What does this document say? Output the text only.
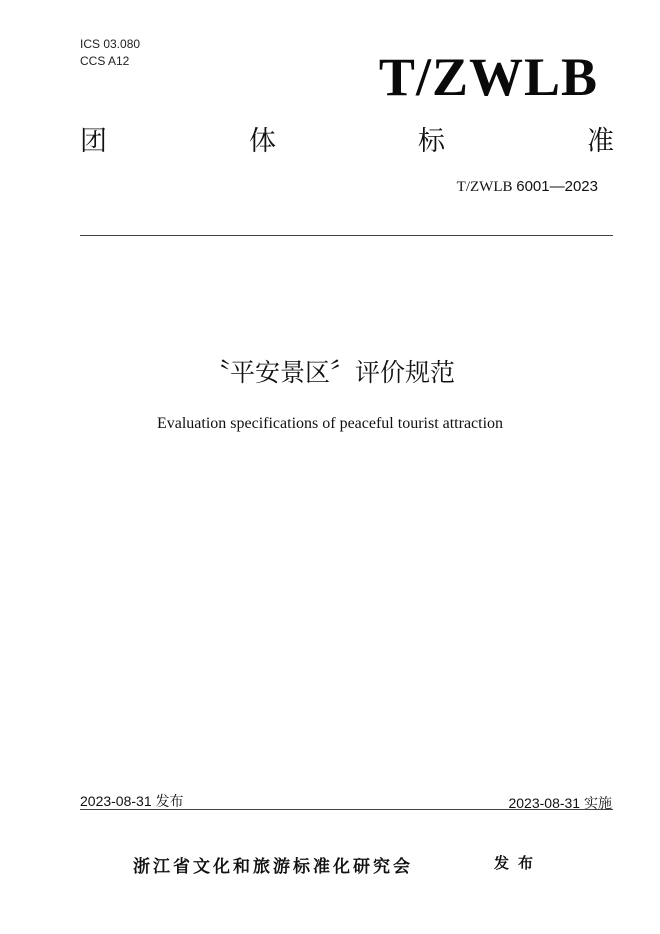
ICS 03.080
CCS A12	T/ZWLB
团	体	标	准
T/ZWLB 6001—2023
〝平安景区〞评价规范
Evaluation specifications of peaceful tourist attraction
2023-08-31 发布	2023-08-31 实施
浙江省文化和旅游标准化研究会	发布
